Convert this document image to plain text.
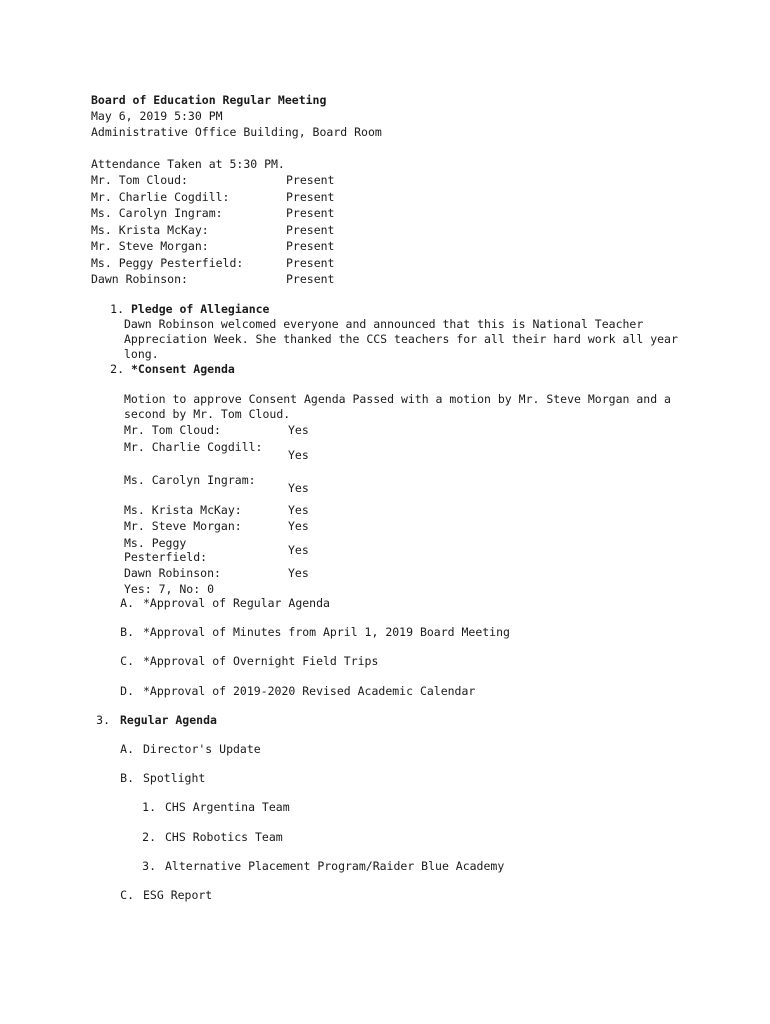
Board of Education Regular Meeting
May 6, 2019 5:30 PM
Administrative Office Building, Board Room
Attendance Taken at 5:30 PM.
Mr. Tom Cloud:	Present
Mr. Charlie Cogdill:	Present
Ms. Carolyn Ingram:	Present
Ms. Krista McKay:	Present
Mr. Steve Morgan:	Present
Ms. Peggy Pesterfield:	Present
Dawn Robinson:	Present
1. Pledge of Allegiance
Dawn Robinson welcomed everyone and announced that this is National Teacher Appreciation Week. She thanked the CCS teachers for all their hard work all year long.
2. *Consent Agenda
Motion to approve Consent Agenda Passed with a motion by Mr. Steve Morgan and a second by Mr. Tom Cloud.
Mr. Tom Cloud:	Yes
Mr. Charlie Cogdill:
Yes
Ms. Carolyn Ingram:
Yes
Ms. Krista McKay:	Yes
Mr. Steve Morgan:	Yes
Ms. Peggy Pesterfield:	Yes
Dawn Robinson:	Yes
Yes: 7, No: 0
A. *Approval of Regular Agenda
B. *Approval of Minutes from April 1, 2019 Board Meeting
C. *Approval of Overnight Field Trips
D. *Approval of 2019-2020 Revised Academic Calendar
3. Regular Agenda
A. Director's Update
B. Spotlight
1. CHS Argentina Team
2. CHS Robotics Team
3. Alternative Placement Program/Raider Blue Academy
C. ESG Report
